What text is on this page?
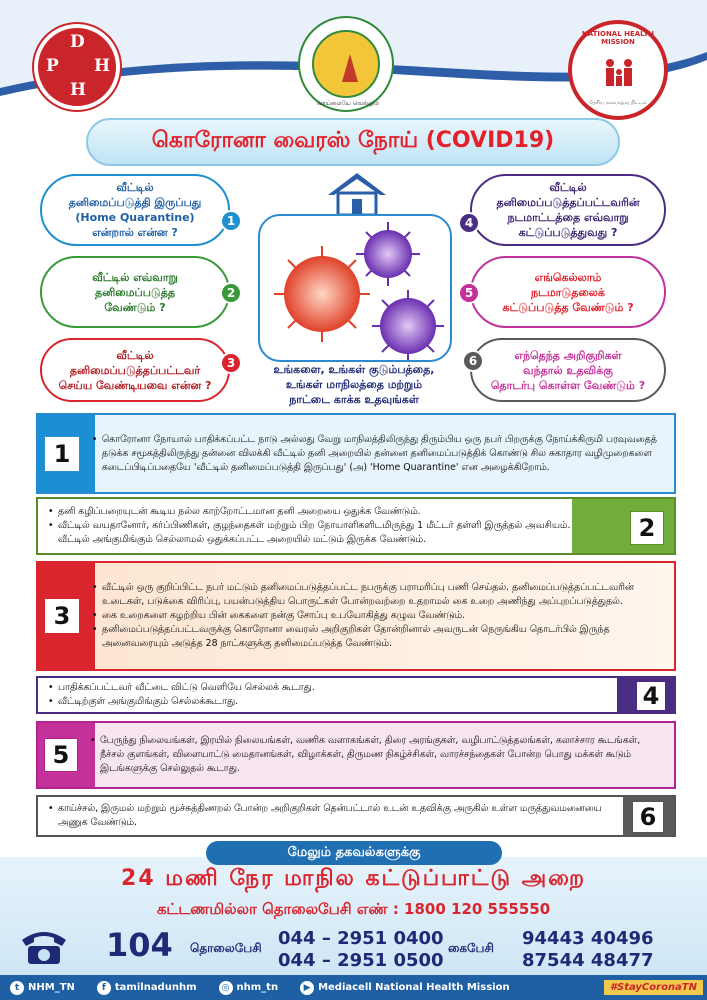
D
P H
H
வாய்மையே வெல்லும்
NATIONAL HEALTH MISSION
தேசிய நலவாழ்வு திட்டம்
கொரோனா வைரஸ் நோய் (COVID19)
வீட்டில்
தனிமைப்படுத்தி இருப்பது
(Home Quarantine)
என்றால் என்ன ?
1
வீட்டில் எவ்வாறு
தனிமைப்படுத்த
வேண்டும் ?
2
வீட்டில்
தனிமைப்படுத்தப்பட்டவர்
செய்ய வேண்டியவை என்ன ?
3
வீட்டில்
தனிமைப்படுத்தப்பட்டவரின்
நடமாட்டத்தை எவ்வாறு
கட்டுப்படுத்துவது ?
4
எங்கெல்லாம்
நடமாடுதலைக்
கட்டுப்படுத்த வேண்டும் ?
5
எந்தெந்த அறிகுறிகள்
வந்தால் உதவிக்கு
தொடர்பு கொள்ள வேண்டும் ?
6
உங்களை, உங்கள் குடும்பத்தை,
உங்கள் மாநிலத்தை மற்றும்
நாட்டை காக்க உதவுங்கள்
1
• கொரோனா நோயால் பாதிக்கப்பட்ட நாடு அல்லது வேறு மாநிலத்திலிருந்து திரும்பிய ஒரு நபர் பிறருக்கு நோய்க்கிருமி பரவுவதைத் தடுக்க சமூகத்திலிருந்து தன்னை விலக்கி வீட்டில் தனி அறையில் தன்னை தனிமைப்படுத்திக் கொண்டு சில சுகாதார வழிமுறைகளை கடைப்பிடிப்பதையே 'வீட்டில் தனிமைப்படுத்தி இருப்பது' (அ) 'Home Quarantine' என அழைக்கிறோம்.
• தனி கழிப்பறையுடன் கூடிய நல்ல காற்றோட்டமான தனி அறையை ஒதுக்க வேண்டும்.
• வீட்டில் வயதானோர், கர்ப்பிணிகள், குழந்தைகள் மற்றும் பிற நோயாளிகளிடமிருந்து 1 மீட்டர் தள்ளி இருத்தல் அவசியம். வீட்டில் அங்குமிங்கும் செல்லாமல் ஒதுக்கப்பட்ட அறையில் மட்டும் இருக்க வேண்டும்.	2
3
• வீட்டில் ஒரு குறிப்பிட்ட நபர் மட்டும் தனிமைப்படுத்தப்பட்ட நபருக்கு பராமரிப்பு பணி செய்தல். தனிமைப்படுத்தப்பட்டவரின் உடைகள், படுக்கை விரிப்பு, பயன்படுத்திய பொருட்கள் போன்றவற்றை உதறாமல் கை உறை அணிந்து அப்புறப்படுத்துதல்.
• கை உறைகளை கழற்றிய பின் கைகளை நன்கு சோப்பு உபயோகித்து கழுவ வேண்டும்.
• தனிமைப்படுத்தப்பட்டவருக்கு கொரோனா வைரஸ் அறிகுறிகள் தோன்றினால் அவருடன் நெருங்கிய தொடர்பில் இருந்த அனைவரையும் அடுத்த 28 நாட்களுக்கு தனிமைப்படுத்த வேண்டும்.
• பாதிக்கப்பட்டவர் வீட்டை விட்டு வெளியே செல்லக் கூடாது.
• வீட்டிற்குள் அங்குமிங்கும் செல்லக்கூடாது.	4
5
• பேருந்து நிலையங்கள், இரயில் நிலையங்கள், வணிக வளாகங்கள், திரை அரங்குகள், வழிபாட்டுத்தலங்கள், கலாச்சார கூடங்கள், நீச்சல் குளங்கள், விளையாட்டு மைதானங்கள், விழாக்கள், திருமண நிகழ்ச்சிகள், வாரச்சந்தைகள் போன்ற பொது மக்கள் கூடும் இடங்களுக்கு செல்லுதல் கூடாது.
• காய்ச்சல், இருமல் மற்றும் மூச்சுத்திணறல் போன்ற அறிகுறிகள் தென்பட்டால் உடன் உதவிக்கு அருகில் உள்ள மருத்துவமனையை அணுக வேண்டும்.	6
மேலும் தகவல்களுக்கு
24 மணி நேர மாநில கட்டுப்பாட்டு அறை
கட்டணமில்லா தொலைபேசி எண் : 1800 120 555550
104 தொலைபேசி 044 – 2951 0400
044 – 2951 0500
கைபேசி 94443 40496
87544 48477
t NHM_TN	f tamilnadunhm	◎ nhm_tn	▶ Mediacell National Health Mission	#StayCoronaTN
